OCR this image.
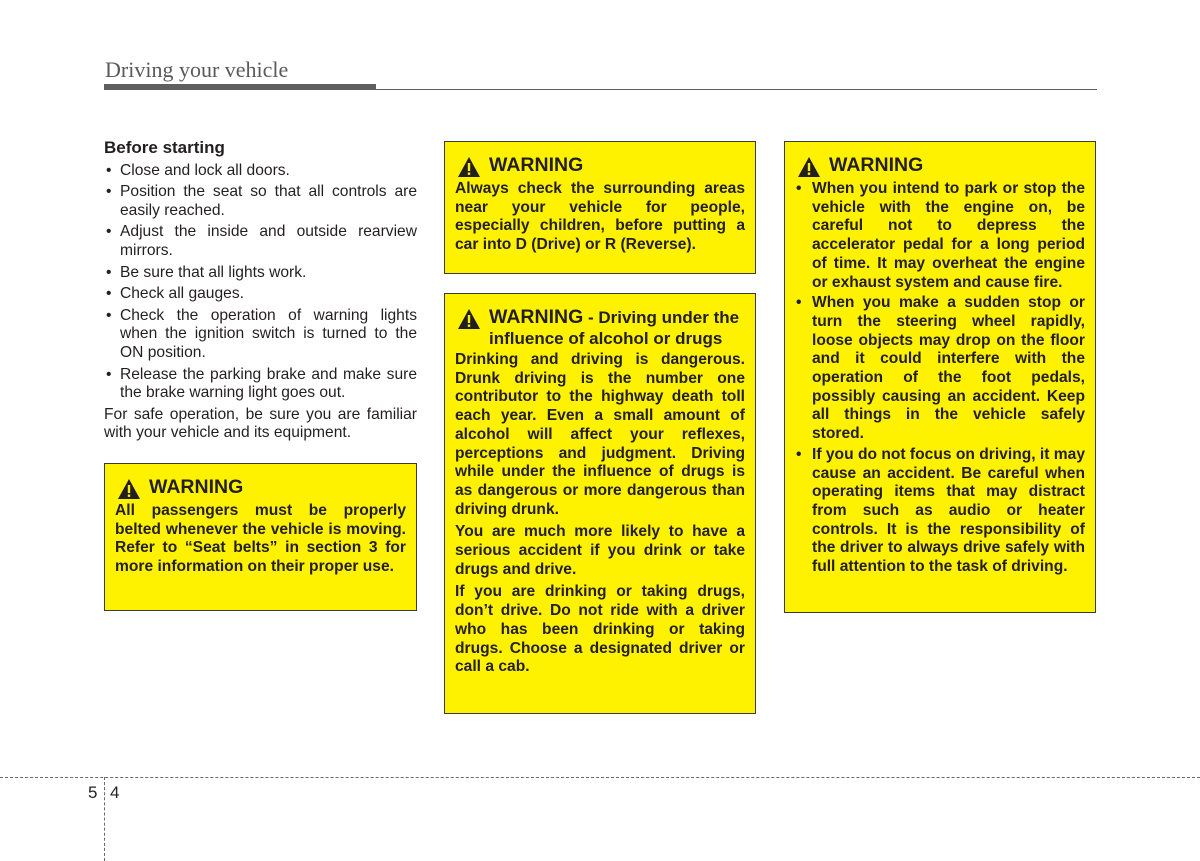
Driving your vehicle
Before starting
• Close and lock all doors.
• Position the seat so that all controls are easily reached.
• Adjust the inside and outside rearview mirrors.
• Be sure that all lights work.
• Check all gauges.
• Check the operation of warning lights when the ignition switch is turned to the ON position.
• Release the parking brake and make sure the brake warning light goes out.

For safe operation, be sure you are familiar with your vehicle and its equipment.

WARNING

All passengers must be properly belted whenever the vehicle is moving. Refer to “Seat belts” in section 3 for more information on their proper use.

WARNING

Always check the surrounding areas near your vehicle for people, especially children, before putting a car into D (Drive) or R (Reverse).

WARNING - Driving under the influence of alcohol or drugs

Drinking and driving is dangerous. Drunk driving is the number one contributor to the highway death toll each year. Even a small amount of alcohol will affect your reflexes, perceptions and judgment. Driving while under the influence of drugs is as dangerous or more dangerous than driving drunk.

You are much more likely to have a serious accident if you drink or take drugs and drive.

If you are drinking or taking drugs, don’t drive. Do not ride with a driver who has been drinking or taking drugs. Choose a designated driver or call a cab.

WARNING
• When you intend to park or stop the vehicle with the engine on, be careful not to depress the accelerator pedal for a long period of time. It may overheat the engine or exhaust system and cause fire.
• When you make a sudden stop or turn the steering wheel rapidly, loose objects may drop on the floor and it could interfere with the operation of the foot pedals, possibly causing an accident. Keep all things in the vehicle safely stored.
• If you do not focus on driving, it may cause an accident. Be careful when operating items that may distract from such as audio or heater controls. It is the responsibility of the driver to always drive safely with full attention to the task of driving.
5 4
